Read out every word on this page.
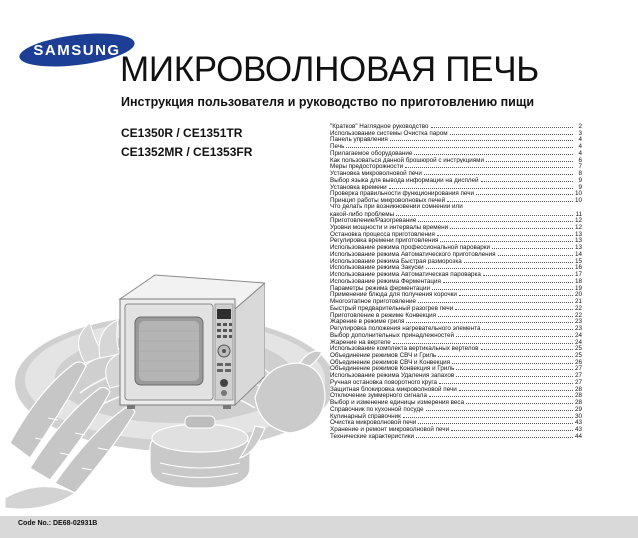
SAMSUNG МИКРОВОЛНОВАЯ ПЕЧЬ
Инструкция пользователя и руководство по приготовлению пищи
CE1350R / CE1351TR
CE1352MR / CE1353FR
"Кратков" Наглядное руководство	2
Использование системы Очистка паром	3
Панель управления	4
Печь	4
Прилагаемое оборудование	4
Как пользоваться данной брошюрой с инструкциями	6
Меры предосторожности	7
Установка микроволновой печи	8
Выбор языка для вывода информации на дисплей	9
Установка времени	9
Проверка правильности функционирования печи	10
Принцип работы микроволновых печей	10
Что делать при возникновении сомнений или
какой-либо проблемы	11
Приготовление/Разогревание	12
Уровни мощности и интервалы времени	12
Остановка процесса приготовления	13
Регулировка времени приготовления	13
Использование режима профессиональной пароварки	13
Использование режима Автоматического приготовления	14
Использование режима Быстрая разморозка	15
Использование режима Закуски	16
Использование режима Автоматическая пароварка	17
Использование режима Ферментация	18
Параметры режима ферментации	19
Применение блюда для получения корочки	20
Многоэтапное приготовление	21
Быстрый предварительный разогрев печи	22
Приготовление в режиме Конвекция	22
Жарение в режиме гриля	23
Регулировка положения нагревательного элемента	23
Выбор дополнительных принадлежностей	24
Жарение на вертеле	24
Использование комплекта вертикальных вертелов	25
Объединение режимов СВЧ и Гриль	25
Объединение режимов СВЧ и Конвекция	26
Объединение режимов Конвекция и Гриль	27
Использование режима Удаления запахов	27
Ручная остановка поворотного круга	27
Защитная блокировка микроволновой печи	28
Отключение зуммерного сигнала	28
Выбор и изменение единицы измерения веса	28
Справочник по кухонной посуде	29
Кулинарный справочник	30
Очистка микроволновой печи	43
Хранение и ремонт микроволновой печи	43
Технические характеристики	44
Code No.: DE68-02931B
